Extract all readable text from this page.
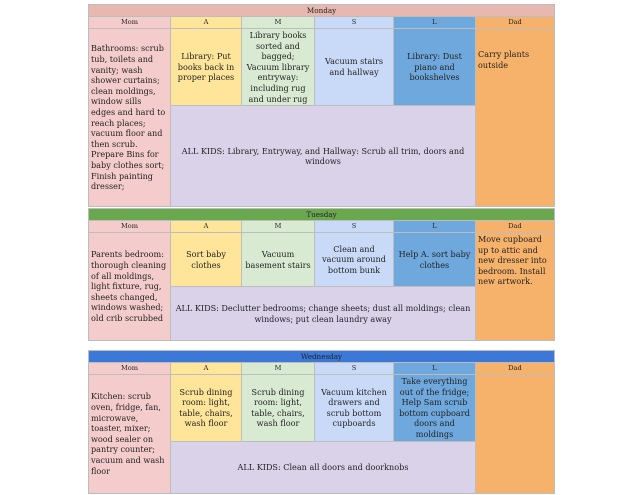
Monday					
Mom	A	M	S	L	Dad
Bathrooms: scrub tub, toilets and vanity; wash shower curtains; clean moldings, window sills edges and hard to reach places; vacuum floor and then scrub. Prepare Bins for baby clothes sort; Finish painting dresser;	Library: Put books back in proper places	Library books sorted and bagged; Vacuum library entryway: including rug and under rug	Vacuum stairs and hallway	Library: Dust piano and bookshelves	Carry plants outside
	ALL KIDS: Library, Entryway, and Hallway: Scrub all trim, doors and windows				
Tuesday					
Mom	A	M	S	L	Dad
Parents bedroom: thorough cleaning of all moldings, light fixture, rug, sheets changed, windows washed; old crib scrubbed	Sort baby clothes	Vacuum basement stairs	Clean and vacuum around bottom bunk	Help A. sort baby clothes	Move cupboard up to attic and new dresser into bedroom. Install new artwork.
	ALL KIDS: Declutter bedrooms; change sheets; dust all moldings; clean windows; put clean laundry away				
Wednesday					
Mom	A	M	S	L	Dad
Kitchen: scrub oven, fridge, fan, microwave, toaster, mixer; wood sealer on pantry counter; vacuum and wash floor	Scrub dining room: light, table, chairs, wash floor	Scrub dining room: light, table, chairs, wash floor	Vacuum kitchen drawers and scrub bottom cupboards	Take everything out of the fridge; Help Sam scrub bottom cupboard doors and moldings	
	ALL KIDS: Clean all doors and doorknobs				
